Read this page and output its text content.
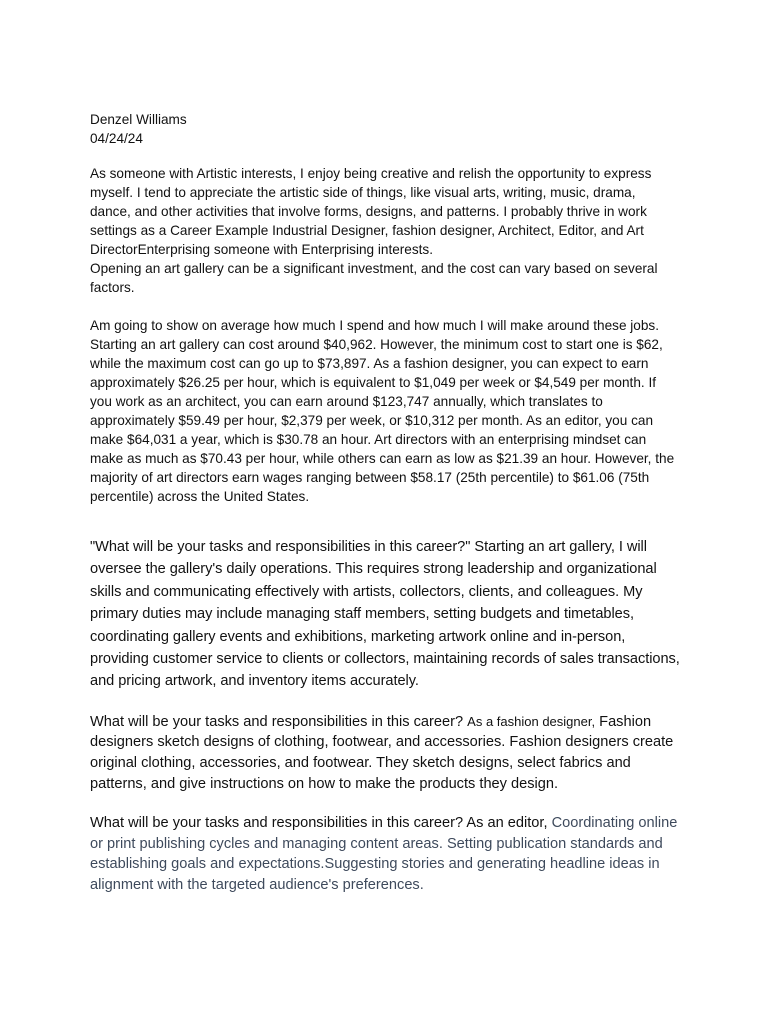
Denzel Williams

04/24/24

As someone with Artistic interests, I enjoy being creative and relish the opportunity to express myself. I tend to appreciate the artistic side of things, like visual arts, writing, music, drama, dance, and other activities that involve forms, designs, and patterns. I probably thrive in work settings as a Career Example Industrial Designer, fashion designer, Architect, Editor, and Art DirectorEnterprising someone with Enterprising interests.

Opening an art gallery can be a significant investment, and the cost can vary based on several factors.

Am going to show on average how much I spend and how much I will make around these jobs. Starting an art gallery can cost around $40,962. However, the minimum cost to start one is $62, while the maximum cost can go up to $73,897. As a fashion designer, you can expect to earn approximately $26.25 per hour, which is equivalent to $1,049 per week or $4,549 per month. If you work as an architect, you can earn around $123,747 annually, which translates to approximately $59.49 per hour, $2,379 per week, or $10,312 per month. As an editor, you can make $64,031 a year, which is $30.78 an hour. Art directors with an enterprising mindset can make as much as $70.43 per hour, while others can earn as low as $21.39 an hour. However, the majority of art directors earn wages ranging between $58.17 (25th percentile) to $61.06 (75th percentile) across the United States.

"What will be your tasks and responsibilities in this career?" Starting an art gallery, I will oversee the gallery's daily operations. This requires strong leadership and organizational skills and communicating effectively with artists, collectors, clients, and colleagues. My primary duties may include managing staff members, setting budgets and timetables, coordinating gallery events and exhibitions, marketing artwork online and in-person, providing customer service to clients or collectors, maintaining records of sales transactions, and pricing artwork, and inventory items accurately.

What will be your tasks and responsibilities in this career? As a fashion designer, Fashion designers sketch designs of clothing, footwear, and accessories. Fashion designers create original clothing, accessories, and footwear. They sketch designs, select fabrics and patterns, and give instructions on how to make the products they design.

What will be your tasks and responsibilities in this career? As an editor, Coordinating online or print publishing cycles and managing content areas. Setting publication standards and establishing goals and expectations.Suggesting stories and generating headline ideas in alignment with the targeted audience's preferences.
